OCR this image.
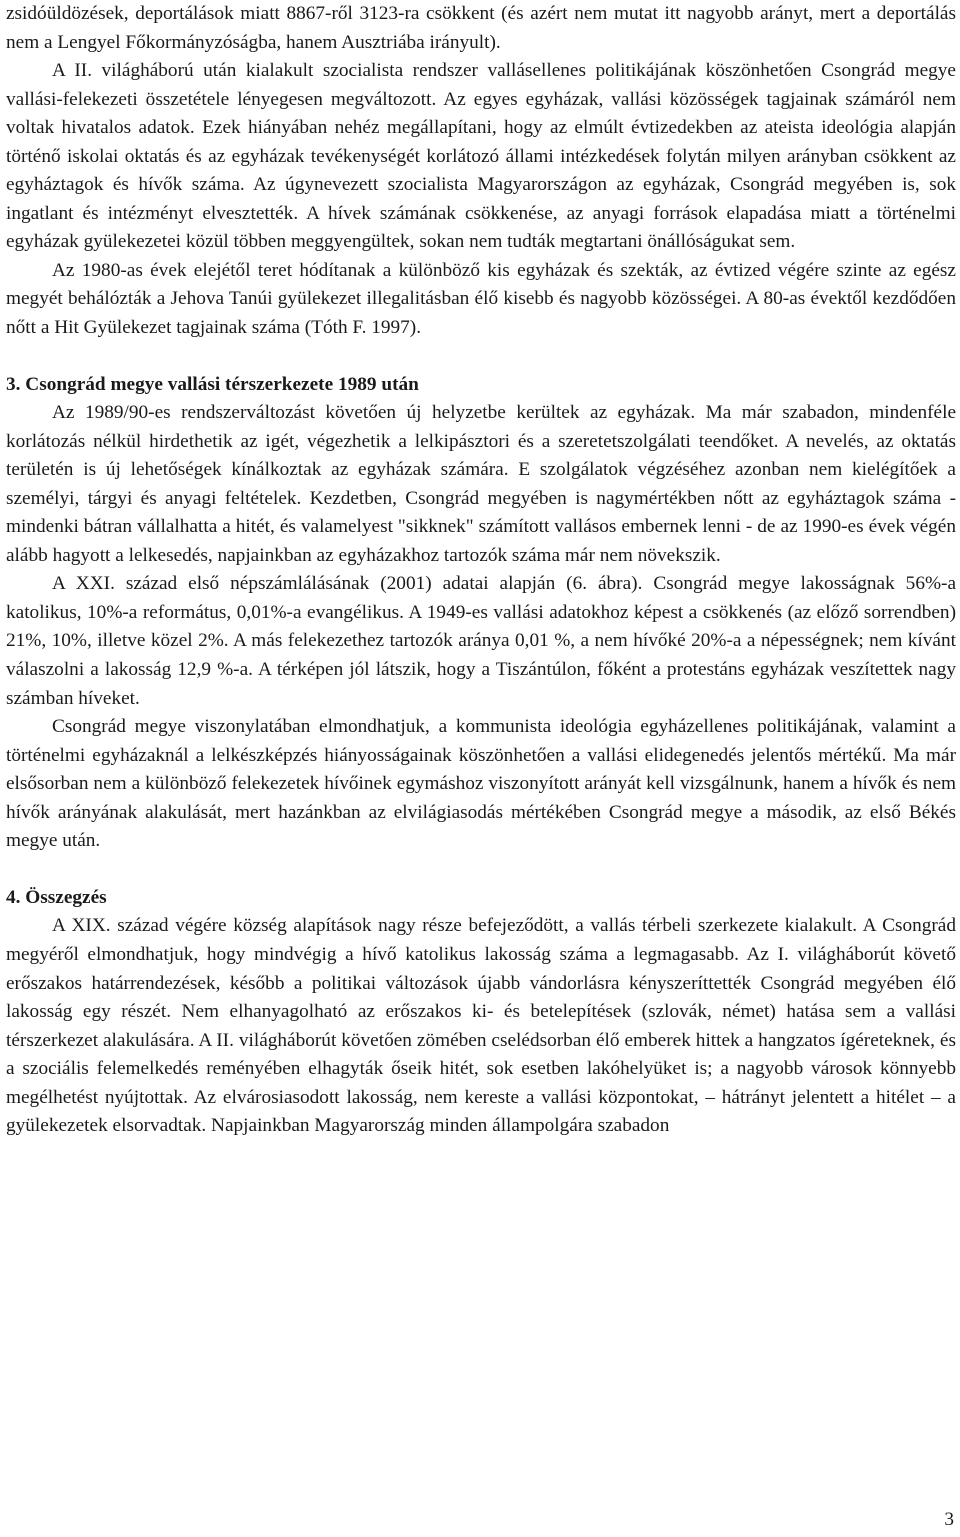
zsidóüldözések, deportálások miatt 8867-ről 3123-ra csökkent (és azért nem mutat itt nagyobb arányt, mert a deportálás nem a Lengyel Főkormányzóságba, hanem Ausztriába irányult).

A II. világháború után kialakult szocialista rendszer vallásellenes politikájának köszönhetően Csongrád megye vallási-felekezeti összetétele lényegesen megváltozott. Az egyes egyházak, vallási közösségek tagjainak számáról nem voltak hivatalos adatok. Ezek hiányában nehéz megállapítani, hogy az elmúlt évtizedekben az ateista ideológia alapján történő iskolai oktatás és az egyházak tevékenységét korlátozó állami intézkedések folytán milyen arányban csökkent az egyháztagok és hívők száma. Az úgynevezett szocialista Magyarországon az egyházak, Csongrád megyében is, sok ingatlant és intézményt elvesztették. A hívek számának csökkenése, az anyagi források elapadása miatt a történelmi egyházak gyülekezetei közül többen meggyengültek, sokan nem tudták megtartani önállóságukat sem.

Az 1980-as évek elejétől teret hódítanak a különböző kis egyházak és szekták, az évtized végére szinte az egész megyét behálózták a Jehova Tanúi gyülekezet illegalitásban élő kisebb és nagyobb közösségei. A 80-as évektől kezdődően nőtt a Hit Gyülekezet tagjainak száma (Tóth F. 1997).

3. Csongrád megye vallási térszerkezete 1989 után

Az 1989/90-es rendszerváltozást követően új helyzetbe kerültek az egyházak. Ma már szabadon, mindenféle korlátozás nélkül hirdethetik az igét, végezhetik a lelkipásztori és a szeretetszolgálati teendőket. A nevelés, az oktatás területén is új lehetőségek kínálkoztak az egyházak számára. E szolgálatok végzéséhez azonban nem kielégítőek a személyi, tárgyi és anyagi feltételek. Kezdetben, Csongrád megyében is nagymértékben nőtt az egyháztagok száma - mindenki bátran vállalhatta a hitét, és valamelyest "sikknek" számított vallásos embernek lenni - de az 1990-es évek végén alább hagyott a lelkesedés, napjainkban az egyházakhoz tartozók száma már nem növekszik.

A XXI. század első népszámlálásának (2001) adatai alapján (6. ábra). Csongrád megye lakosságnak 56%-a katolikus, 10%-a református, 0,01%-a evangélikus. A 1949-es vallási adatokhoz képest a csökkenés (az előző sorrendben) 21%, 10%, illetve közel 2%. A más felekezethez tartozók aránya 0,01 %, a nem hívőké 20%-a a népességnek; nem kívánt válaszolni a lakosság 12,9 %-a. A térképen jól látszik, hogy a Tiszántúlon, főként a protestáns egyházak veszítettek nagy számban híveket.

Csongrád megye viszonylatában elmondhatjuk, a kommunista ideológia egyházellenes politikájának, valamint a történelmi egyházaknál a lelkészképzés hiányosságainak köszönhetően a vallási elidegenedés jelentős mértékű. Ma már elsősorban nem a különböző felekezetek hívőinek egymáshoz viszonyított arányát kell vizsgálnunk, hanem a hívők és nem hívők arányának alakulását, mert hazánkban az elvilágiasodás mértékében Csongrád megye a második, az első Békés megye után.

4. Összegzés

A XIX. század végére község alapítások nagy része befejeződött, a vallás térbeli szerkezete kialakult. A Csongrád megyéről elmondhatjuk, hogy mindvégig a hívő katolikus lakosság száma a legmagasabb. Az I. világháborút követő erőszakos határrendezések, később a politikai változások újabb vándorlásra kényszeríttették Csongrád megyében élő lakosság egy részét. Nem elhanyagolható az erőszakos ki- és betelepítések (szlovák, német) hatása sem a vallási térszerkezet alakulására. A II. világháborút követően zömében cselédsorban élő emberek hittek a hangzatos ígéreteknek, és a szociális felemelkedés reményében elhagyták őseik hitét, sok esetben lakóhelyüket is; a nagyobb városok könnyebb megélhetést nyújtottak. Az elvárosiasodott lakosság, nem kereste a vallási központokat, – hátrányt jelentett a hitélet – a gyülekezetek elsorvadtak. Napjainkban Magyarország minden állampolgára szabadon

3
